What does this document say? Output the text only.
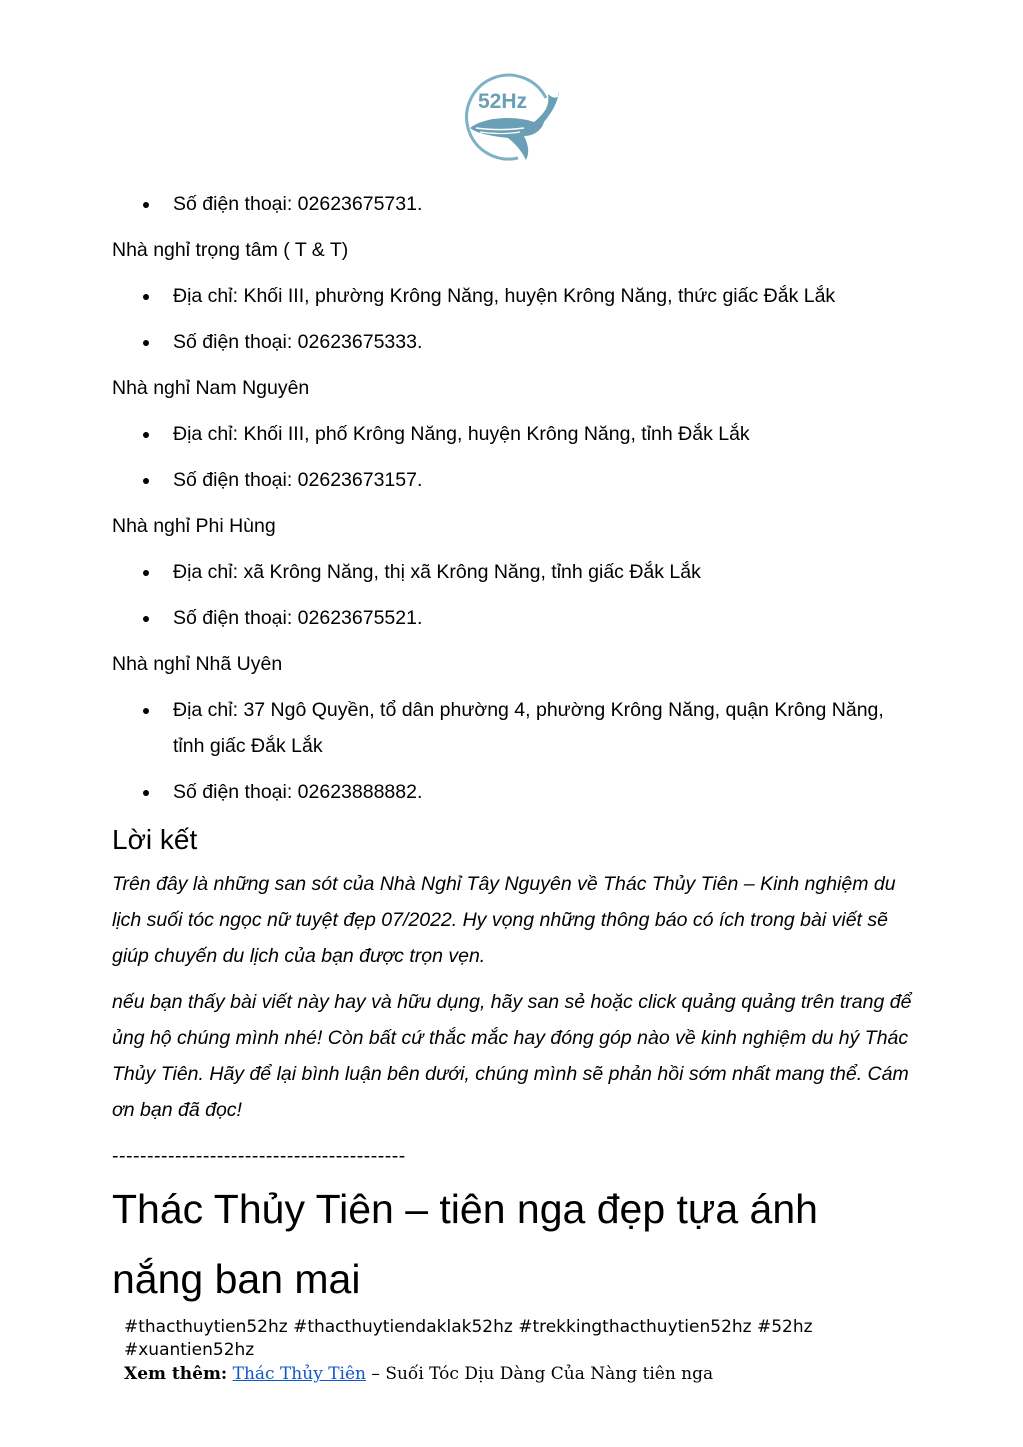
52Hz
Số điện thoại: 02623675731.

Nhà nghỉ trọng tâm ( T & T)

Địa chỉ: Khối III, phường Krông Năng, huyện Krông Năng, thức giấc Đắk Lắk
Số điện thoại: 02623675333.

Nhà nghỉ Nam Nguyên

Địa chỉ: Khối III, phố Krông Năng, huyện Krông Năng, tỉnh Đắk Lắk
Số điện thoại: 02623673157.

Nhà nghỉ Phi Hùng

Địa chỉ: xã Krông Năng, thị xã Krông Năng, tỉnh giấc Đắk Lắk
Số điện thoại: 02623675521.

Nhà nghỉ Nhã Uyên

Địa chỉ: 37 Ngô Quyền, tổ dân phường 4, phường Krông Năng, quận Krông Năng, tỉnh giấc Đắk Lắk
Số điện thoại: 02623888882.
Lời kết

Trên đây là những san sót của Nhà Nghỉ Tây Nguyên về Thác Thủy Tiên – Kinh nghiệm du lịch suối tóc ngọc nữ tuyệt đẹp 07/2022. Hy vọng những thông báo có ích trong bài viết sẽ giúp chuyến du lịch của bạn được trọn vẹn.

nếu bạn thấy bài viết này hay và hữu dụng, hãy san sẻ hoặc click quảng quảng trên trang để ủng hộ chúng mình nhé! Còn bất cứ thắc mắc hay đóng góp nào về kinh nghiệm du hý Thác Thủy Tiên. Hãy để lại bình luận bên dưới, chúng mình sẽ phản hồi sớm nhất mang thể. Cám ơn bạn đã đọc!

------------------------------------------

Thác Thủy Tiên – tiên nga đẹp tựa ánh nắng ban mai
#thacthuytien52hz #thacthuytiendaklak52hz #trekkingthacthuytien52hz #52hz #xuantien52hz
Xem thêm: Thác Thủy Tiên – Suối Tóc Dịu Dàng Của Nàng tiên nga
